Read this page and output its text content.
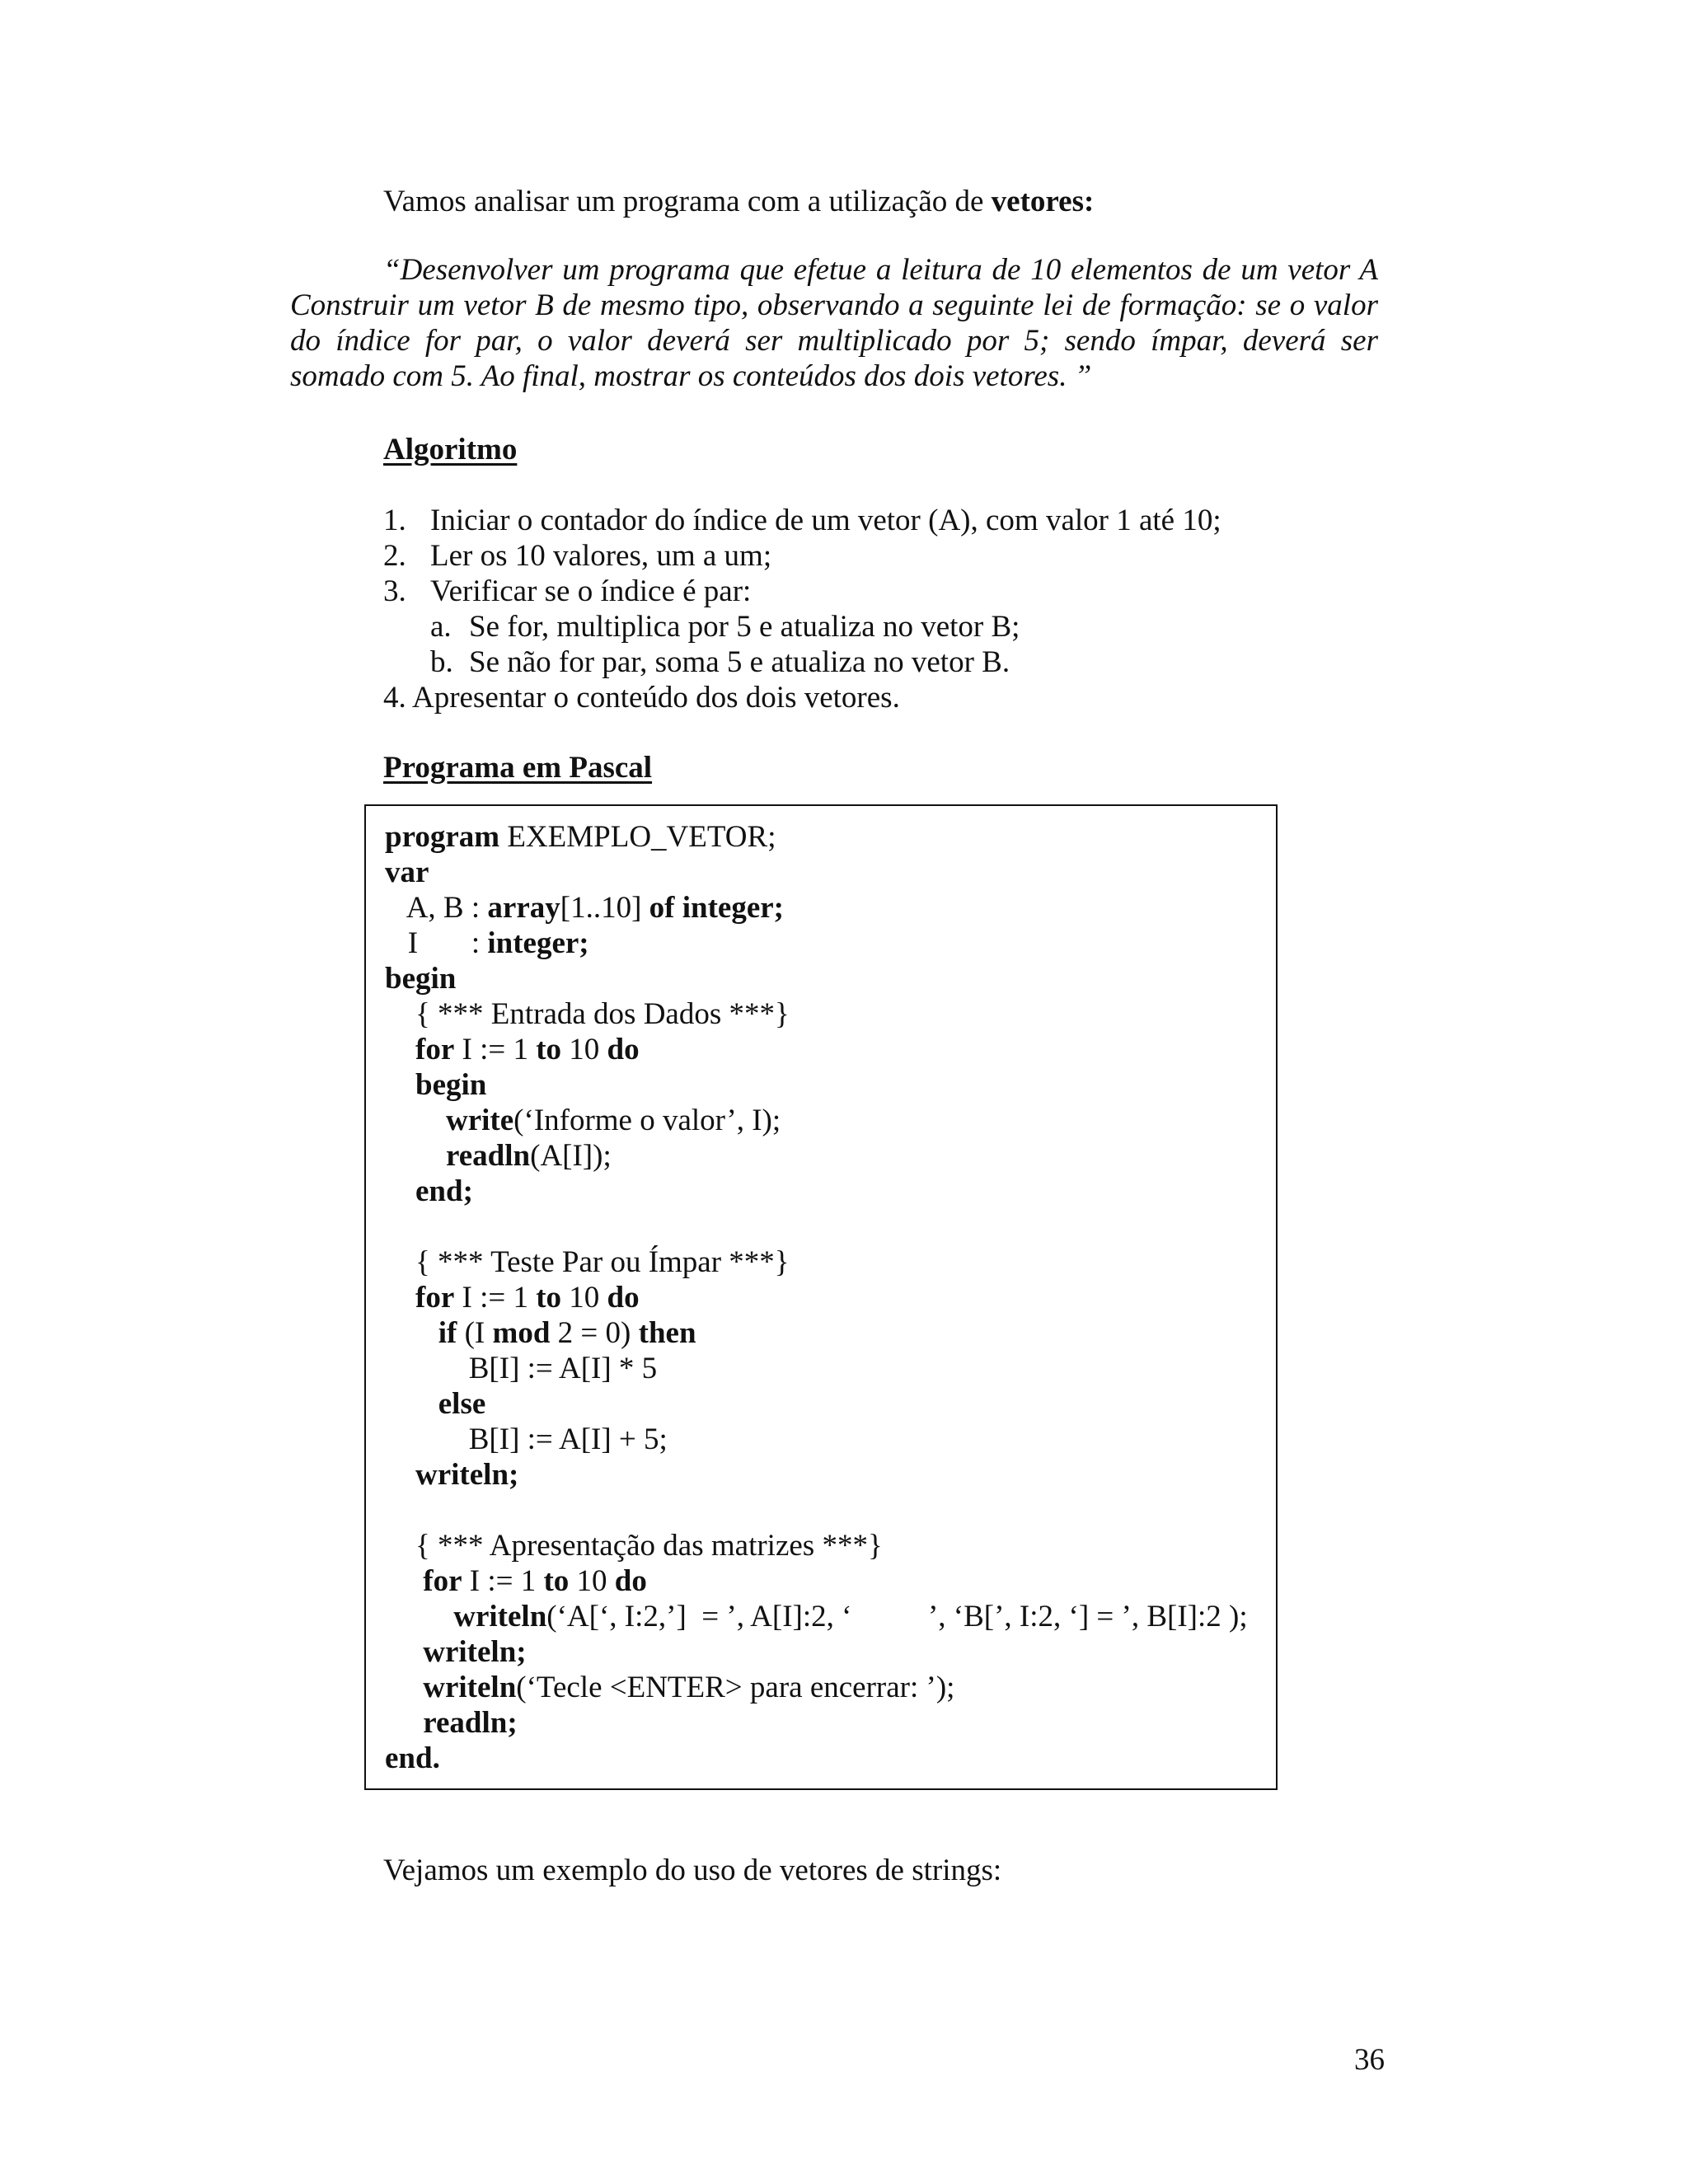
Vamos analisar um programa com a utilização de vetores:

“Desenvolver um programa que efetue a leitura de 10 elementos de um vetor A
Construir um vetor B de mesmo tipo, observando a seguinte lei de formação: se o valor
do índice for par, o valor deverá ser multiplicado por 5; sendo ímpar, deverá ser
somado com 5. Ao final, mostrar os conteúdos dos dois vetores. ”

Algoritmo

1. Iniciar o contador do índice de um vetor (A), com valor 1 até 10;
2. Ler os 10 valores, um a um;
3. Verificar se o índice é par:
a. Se for, multiplica por 5 e atualiza no vetor B;
b. Se não for par, soma 5 e atualiza no vetor B.
4. Apresentar o conteúdo dos dois vetores.

Programa em Pascal

program EXEMPLO_VETOR;
var
A, B : array[1..10] of integer;
I       : integer;
begin
{ *** Entrada dos Dados ***}
for I := 1 to 10 do
begin
write(‘Informe o valor’, I);
readln(A[I]);
end;
{ *** Teste Par ou Ímpar ***}
for I := 1 to 10 do
if (I mod 2 = 0) then
B[I] := A[I] * 5
else
B[I] := A[I] + 5;
writeln;
{ *** Apresentação das matrizes ***}
for I := 1 to 10 do
writeln(‘A[‘, I:2,’]  = ’, A[I]:2, ‘          ’, ‘B[’, I:2, ‘] = ’, B[I]:2 );
writeln;
writeln(‘Tecle <ENTER> para encerrar: ’);
readln;
end.

Vejamos um exemplo do uso de vetores de strings:

36
